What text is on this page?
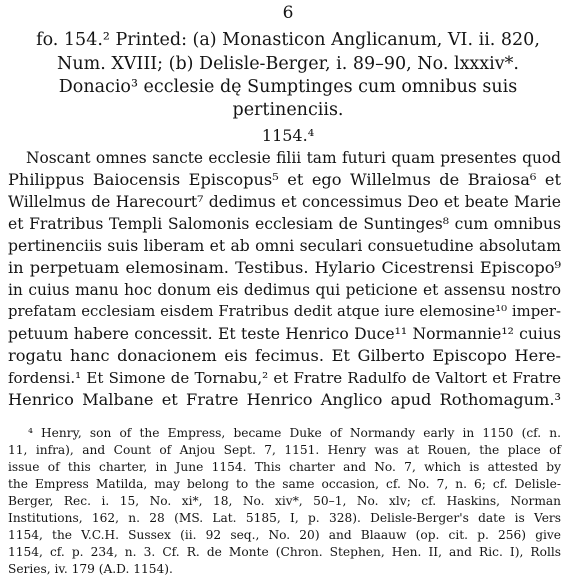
6
fo. 154.² Printed: (a) Monasticon Anglicanum, VI. ii. 820,
Num. XVIII; (b) Delisle-Berger, i. 89–90, No. lxxxiv*.
Donacio³ ecclesie dę Sumptinges cum omnibus suis
pertinenciis.
1154.⁴
Noscant omnes sancte ecclesie filii tam futuri quam presentes quod
Philippus Baiocensis Episcopus⁵ et ego Willelmus de Braiosa⁶ et
Willelmus de Harecourt⁷ dedimus et concessimus Deo et beate Marie
et Fratribus Templi Salomonis ecclesiam de Suntinges⁸ cum omnibus
pertinenciis suis liberam et ab omni seculari consuetudine absolutam
in perpetuam elemosinam. Testibus. Hylario Cicestrensi Episcopo⁹
in cuius manu hoc donum eis dedimus qui peticione et assensu nostro
prefatam ecclesiam eisdem Fratribus dedit atque iure elemosine¹⁰ imper-
petuum habere concessit. Et teste Henrico Duce¹¹ Normannie¹² cuius
rogatu hanc donacionem eis fecimus. Et Gilberto Episcopo Here-
fordensi.¹ Et Simone de Tornabu,² et Fratre Radulfo de Valtort et Fratre
Henrico Malbane et Fratre Henrico Anglico apud Rothomagum.³
⁴ Henry, son of the Empress, became Duke of Normandy early in 1150 (cf. n.
11, infra), and Count of Anjou Sept. 7, 1151. Henry was at Rouen, the place of
issue of this charter, in June 1154. This charter and No. 7, which is attested by
the Empress Matilda, may belong to the same occasion, cf. No. 7, n. 6; cf. Delisle-
Berger, Rec. i. 15, No. xi*, 18, No. xiv*, 50–1, No. xlv; cf. Haskins, Norman
Institutions, 162, n. 28 (MS. Lat. 5185, I, p. 328). Delisle-Berger's date is Vers
1154, the V.C.H. Sussex (ii. 92 seq., No. 20) and Blaauw (op. cit. p. 256) give
1154, cf. p. 234, n. 3. Cf. R. de Monte (Chron. Stephen, Hen. II, and Ric. I), Rolls
Series, iv. 179 (A.D. 1154).
